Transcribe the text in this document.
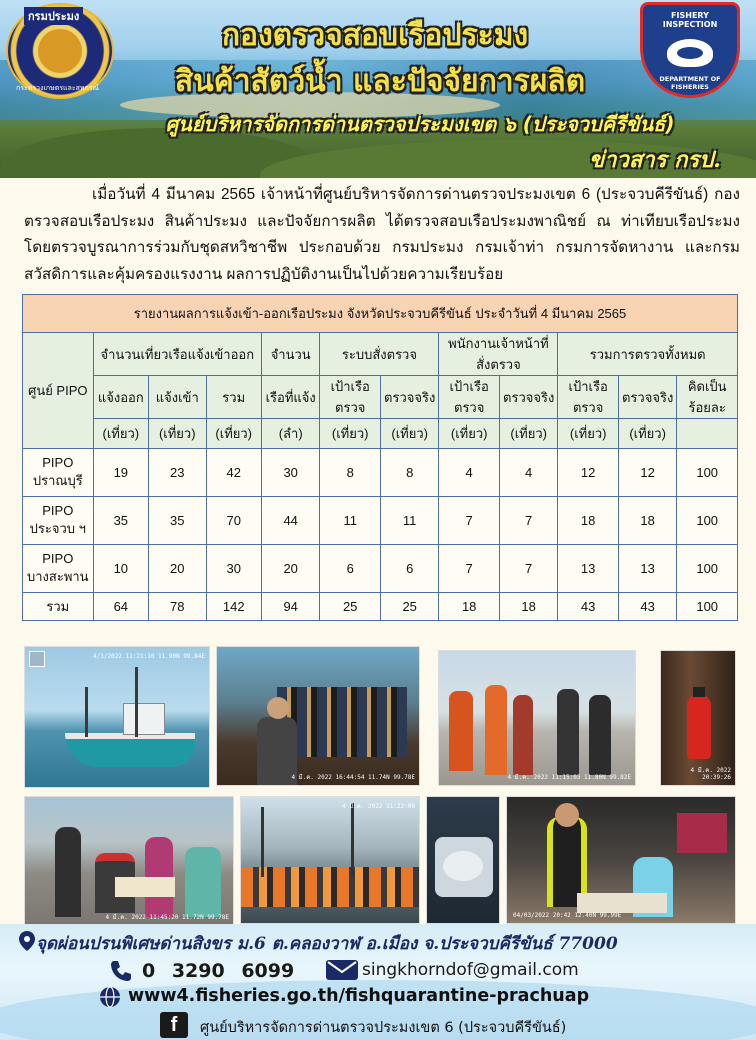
กรมประมง
กระทรวงเกษตรและสหกรณ์
FISHERY INSPECTION
DEPARTMENT OF FISHERIES
กองตรวจสอบเรือประมง
สินค้าสัตว์น้ำ และปัจจัยการผลิต
ศูนย์บริหารจัดการด่านตรวจประมงเขต ๖ (ประจวบคีรีขันธ์)
ข่าวสาร กรป.

เมื่อวันที่ 4 มีนาคม 2565 เจ้าหน้าที่ศูนย์บริหารจัดการด่านตรวจประมงเขต 6 (ประจวบคีรีขันธ์) กองตรวจสอบเรือประมง สินค้าประมง และปัจจัยการผลิต ได้ตรวจสอบเรือประมงพาณิชย์ ณ ท่าเทียบเรือประมง โดยตรวจบูรณาการร่วมกับชุดสหวิชาชีพ ประกอบด้วย กรมประมง กรมเจ้าท่า กรมการจัดหางาน และกรมสวัสดิการและคุ้มครองแรงงาน ผลการปฏิบัติงานเป็นไปด้วยความเรียบร้อย

รายงานผลการแจ้งเข้า-ออกเรือประมง จังหวัดประจวบคีรีขันธ์ ประจำวันที่ 4 มีนาคม 2565											
ศูนย์ PIPO	จำนวนเที่ยวเรือแจ้งเข้าออก			จำนวน	ระบบสั่งตรวจ		พนักงานเจ้าหน้าที่สั่งตรวจ		รวมการตรวจทั้งหมด		
	แจ้งออก	แจ้งเข้า	รวม	เรือที่แจ้ง	เป้าเรือตรวจ	ตรวจจริง	เป้าเรือตรวจ	ตรวจจริง	เป้าเรือตรวจ	ตรวจจริง	คิดเป็นร้อยละ
	(เที่ยว)	(เที่ยว)	(เที่ยว)	(ลำ)	(เที่ยว)	(เที่ยว)	(เที่ยว)	(เที่ยว)	(เที่ยว)	(เที่ยว)	

PIPO
ปราณบุรี	19	23	42	30	8	8	4	4	12	12	100

PIPO
ประจวบ ฯ	35	35	70	44	11	11	7	7	18	18	100

PIPO
บางสะพาน	10	20	30	20	6	6	7	7	13	13	100
รวม	64	78	142	94	25	25	18	18	43	43	100
4/3/2022 11:21:10 11.90N 99.84E
4 มี.ค. 2022 16:44:54 11.74N 99.78E	4 มี.ค. 2022 11:15:03 11.80N 99.82E
4 มี.ค. 2022 20:39:26
4 มี.ค. 2022 11:45:20 11.72N 99.78E
4 มี.ค. 2022 11:22:09
04/03/2022 20:42 12.40N 99.99E
จุดผ่อนปรนพิเศษด่านสิงขร ม.6 ต.คลองวาฬ อ.เมือง จ.ประจวบคีรีขันธ์ 77000
0 3290 6099	singkhorndof@gmail.com
www4.fisheries.go.th/fishquarantine-prachuap
f ศูนย์บริหารจัดการด่านตรวจประมงเขต 6 (ประจวบคีรีขันธ์)
